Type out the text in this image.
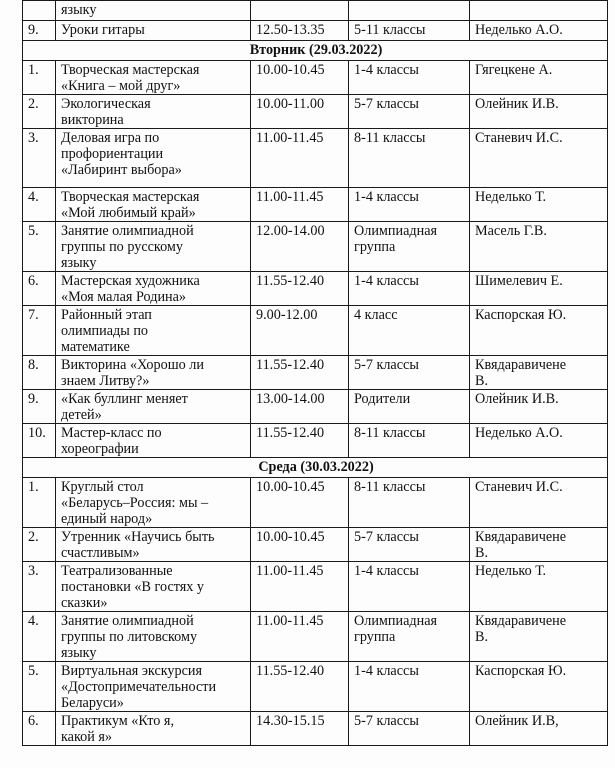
	языку			

9.	Уроки гитары	12.50-13.35	5-11 классы	Неделько А.О.
Вторник (29.03.2022)				

1.	Творческая мастерская
«Книга – мой друг»	10.00-10.45	1-4 классы	Гягецкене А.

2.	Экологическая
викторина	10.00-11.00	5-7 классы	Олейник И.В.

3.	Деловая игра по
профориентации
«Лабиринт выбора»	11.00-11.45	8-11 классы	Станевич И.С.

4.	Творческая мастерская
«Мой любимый край»	11.00-11.45	1-4 классы	Неделько Т.

5.	Занятие олимпиадной
группы по русскому
языку	12.00-14.00	Олимпиадная
группа	Масель Г.В.

6.	Мастерская художника
«Моя малая Родина»	11.55-12.40	1-4 классы	Шимелевич Е.

7.	Районный этап
олимпиады по
математике	9.00-12.00	4 класс	Каспорская Ю.

8.	Викторина «Хорошо ли
знаем Литву?»	11.55-12.40	5-7 классы	Квядаравичене
В.

9.	«Как буллинг меняет
детей»	13.00-14.00	Родители	Олейник И.В.

10.	Мастер-класс по
хореографии	11.55-12.40	8-11 классы	Неделько А.О.

Среда (30.03.2022)				

1.	Круглый стол
«Беларусь–Россия: мы –
единый народ»	10.00-10.45	8-11 классы	Станевич И.С.

2.	Утренник «Научись быть
счастливым»	10.00-10.45	5-7 классы	Квядаравичене
В.

3.	Театрализованные
постановки «В гостях у
сказки»	11.00-11.45	1-4 классы	Неделько Т.

4.	Занятие олимпиадной
группы по литовскому
языку	11.00-11.45	Олимпиадная
группа	Квядаравичене
В.

5.	Виртуальная экскурсия
«Достопримечательности
Беларуси»	11.55-12.40	1-4 классы	Каспорская Ю.

6.	Практикум «Кто я,
какой я»	14.30-15.15	5-7 классы	Олейник И.В,
